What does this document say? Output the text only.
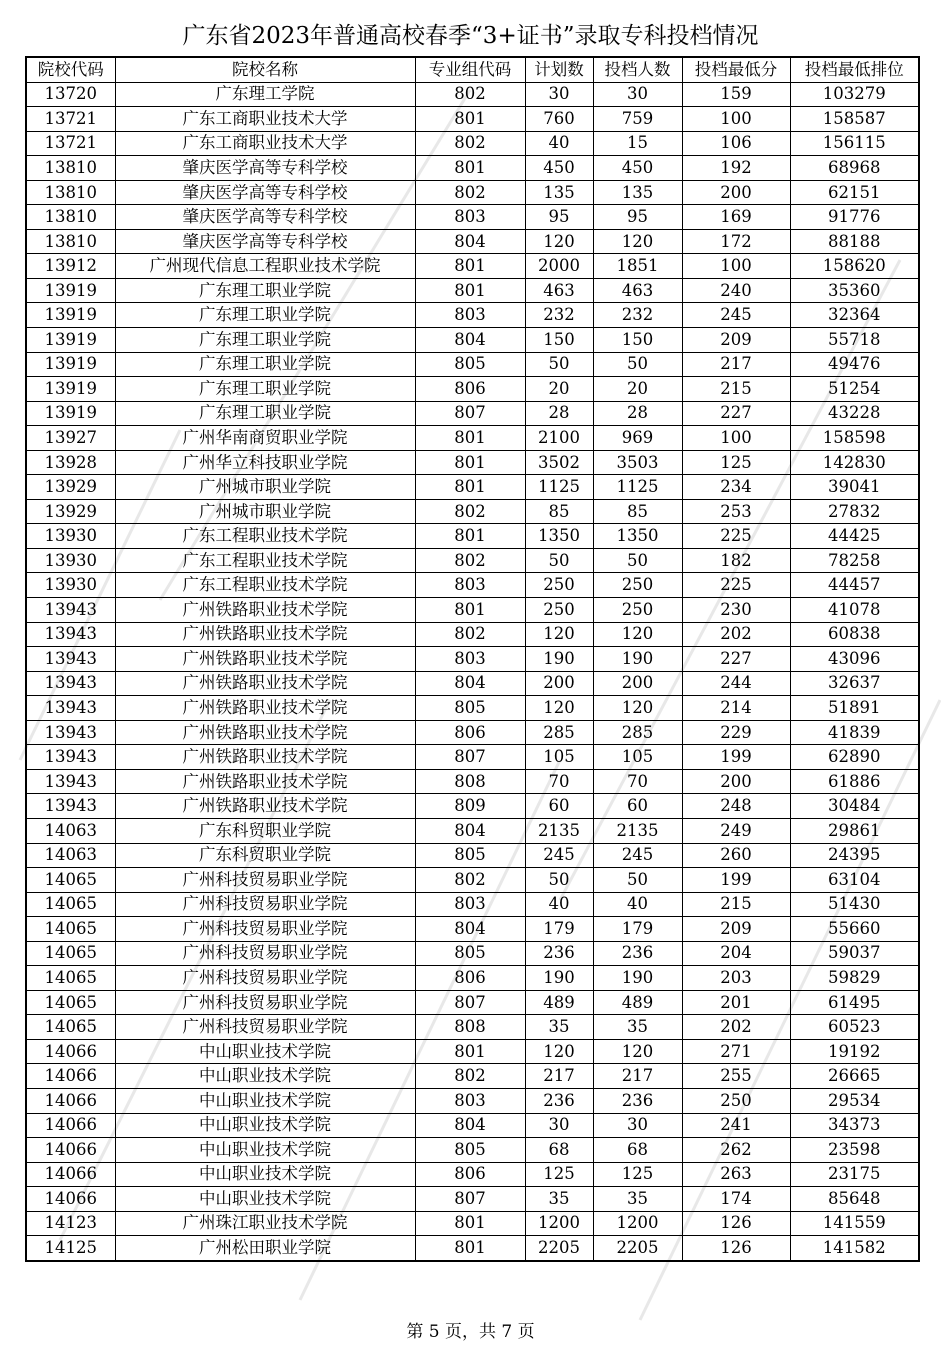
广东省2023年普通高校春季“3+证书”录取专科投档情况
院校代码	院校名称	专业组代码	计划数	投档人数	投档最低分	投档最低排位
13720	广东理工学院	802	30	30	159	103279
13721	广东工商职业技术大学	801	760	759	100	158587
13721	广东工商职业技术大学	802	40	15	106	156115
13810	肇庆医学高等专科学校	801	450	450	192	68968
13810	肇庆医学高等专科学校	802	135	135	200	62151
13810	肇庆医学高等专科学校	803	95	95	169	91776
13810	肇庆医学高等专科学校	804	120	120	172	88188
13912	广州现代信息工程职业技术学院	801	2000	1851	100	158620
13919	广东理工职业学院	801	463	463	240	35360
13919	广东理工职业学院	803	232	232	245	32364
13919	广东理工职业学院	804	150	150	209	55718
13919	广东理工职业学院	805	50	50	217	49476
13919	广东理工职业学院	806	20	20	215	51254
13919	广东理工职业学院	807	28	28	227	43228
13927	广州华南商贸职业学院	801	2100	969	100	158598
13928	广州华立科技职业学院	801	3502	3503	125	142830
13929	广州城市职业学院	801	1125	1125	234	39041
13929	广州城市职业学院	802	85	85	253	27832
13930	广东工程职业技术学院	801	1350	1350	225	44425
13930	广东工程职业技术学院	802	50	50	182	78258
13930	广东工程职业技术学院	803	250	250	225	44457
13943	广州铁路职业技术学院	801	250	250	230	41078
13943	广州铁路职业技术学院	802	120	120	202	60838
13943	广州铁路职业技术学院	803	190	190	227	43096
13943	广州铁路职业技术学院	804	200	200	244	32637
13943	广州铁路职业技术学院	805	120	120	214	51891
13943	广州铁路职业技术学院	806	285	285	229	41839
13943	广州铁路职业技术学院	807	105	105	199	62890
13943	广州铁路职业技术学院	808	70	70	200	61886
13943	广州铁路职业技术学院	809	60	60	248	30484
14063	广东科贸职业学院	804	2135	2135	249	29861
14063	广东科贸职业学院	805	245	245	260	24395
14065	广州科技贸易职业学院	802	50	50	199	63104
14065	广州科技贸易职业学院	803	40	40	215	51430
14065	广州科技贸易职业学院	804	179	179	209	55660
14065	广州科技贸易职业学院	805	236	236	204	59037
14065	广州科技贸易职业学院	806	190	190	203	59829
14065	广州科技贸易职业学院	807	489	489	201	61495
14065	广州科技贸易职业学院	808	35	35	202	60523
14066	中山职业技术学院	801	120	120	271	19192
14066	中山职业技术学院	802	217	217	255	26665
14066	中山职业技术学院	803	236	236	250	29534
14066	中山职业技术学院	804	30	30	241	34373
14066	中山职业技术学院	805	68	68	262	23598
14066	中山职业技术学院	806	125	125	263	23175
14066	中山职业技术学院	807	35	35	174	85648
14123	广州珠江职业技术学院	801	1200	1200	126	141559
14125	广州松田职业学院	801	2205	2205	126	141582
第 5 页，共 7 页
